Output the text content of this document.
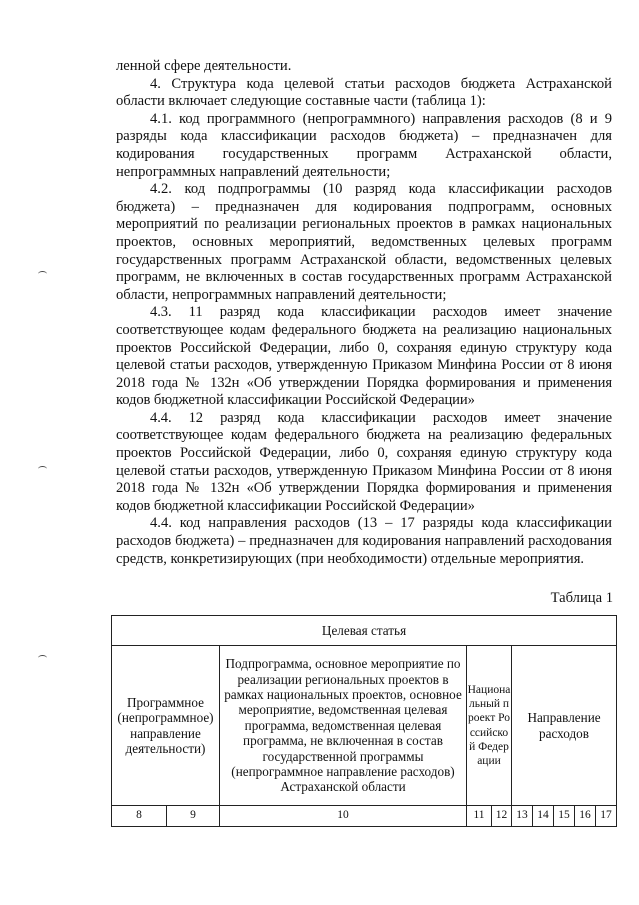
ленной сфере деятельности.

4. Структура кода целевой статьи расходов бюджета Астраханской области включает следующие составные части (таблица 1):

4.1. код программного (непрограммного) направления расходов (8 и 9 разряды кода классификации расходов бюджета) – предназначен для кодирования государственных программ Астраханской области, непрограммных направлений деятельности;

4.2. код подпрограммы (10 разряд кода классификации расходов бюджета) – предназначен для кодирования подпрограмм, основных мероприятий по реализации региональных проектов в рамках национальных проектов, основных мероприятий, ведомственных целевых программ государственных программ Астраханской области, ведомственных целевых программ, не включенных в состав государственных программ Астраханской области, непрограммных направлений деятельности;

4.3. 11 разряд кода классификации расходов имеет значение соответствующее кодам федерального бюджета на реализацию национальных проектов Российской Федерации, либо 0, сохраняя единую структуру кода целевой статьи расходов, утвержденную Приказом Минфина России от 8 июня 2018 года № 132н «Об утверждении Порядка формирования и применения кодов бюджетной классификации Российской Федерации»

4.4. 12 разряд кода классификации расходов имеет значение соответствующее кодам федерального бюджета на реализацию федеральных проектов Российской Федерации, либо 0, сохраняя единую структуру кода целевой статьи расходов, утвержденную Приказом Минфина России от 8 июня 2018 года № 132н «Об утверждении Порядка формирования и применения кодов бюджетной классификации Российской Федерации»

4.4. код направления расходов (13 – 17 разряды кода классификации расходов бюджета) – предназначен для кодирования направлений расходования средств, конкретизирующих (при необходимости) отдельные мероприятия.

Таблица 1
Целевая статья									
Программное (непрограммное) направление деятельности)		Подпрограмма, основное мероприятие по реализации региональных проектов в рамках национальных проектов, основное мероприятие, ведомственная целевая программа, ведомственная целевая программа, не включенная в состав государственной программы (непрограммное направление расходов) Астраханской области	Национальный проект Российской Федерации		Направление расходов				
8	9	10	11	12	13	14	15	16	17
